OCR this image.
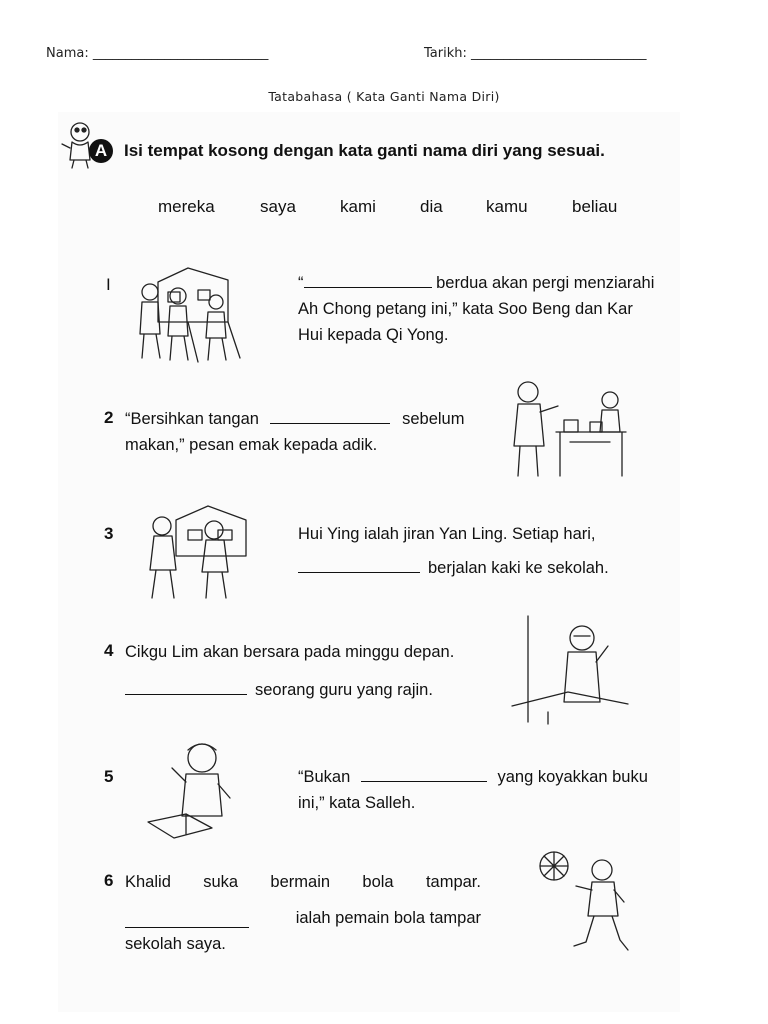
Nama: ___________________________	Tarikh: ___________________________
Tatabahasa ( Kata Ganti Nama Diri)
A Isi tempat kosong dengan kata ganti nama diri yang sesuai.
mereka	saya	kami	dia	kamu	beliau
I	“	berdua akan pergi menziarahi
Ah Chong petang ini,” kata Soo Beng dan Kar
Hui kepada Qi Yong.
2 “Bersihkan tangan	sebelum
makan,” pesan emak kepada adik.
3	Hui Ying ialah jiran Yan Ling. Setiap hari,
berjalan kaki ke sekolah.
4 Cikgu Lim akan bersara pada minggu depan.
seorang guru yang rajin.
5	“Bukan	yang koyakkan buku
ini,” kata Salleh.
6 Khalid suka bermain bola tampar.
ialah pemain bola tampar
sekolah saya.
